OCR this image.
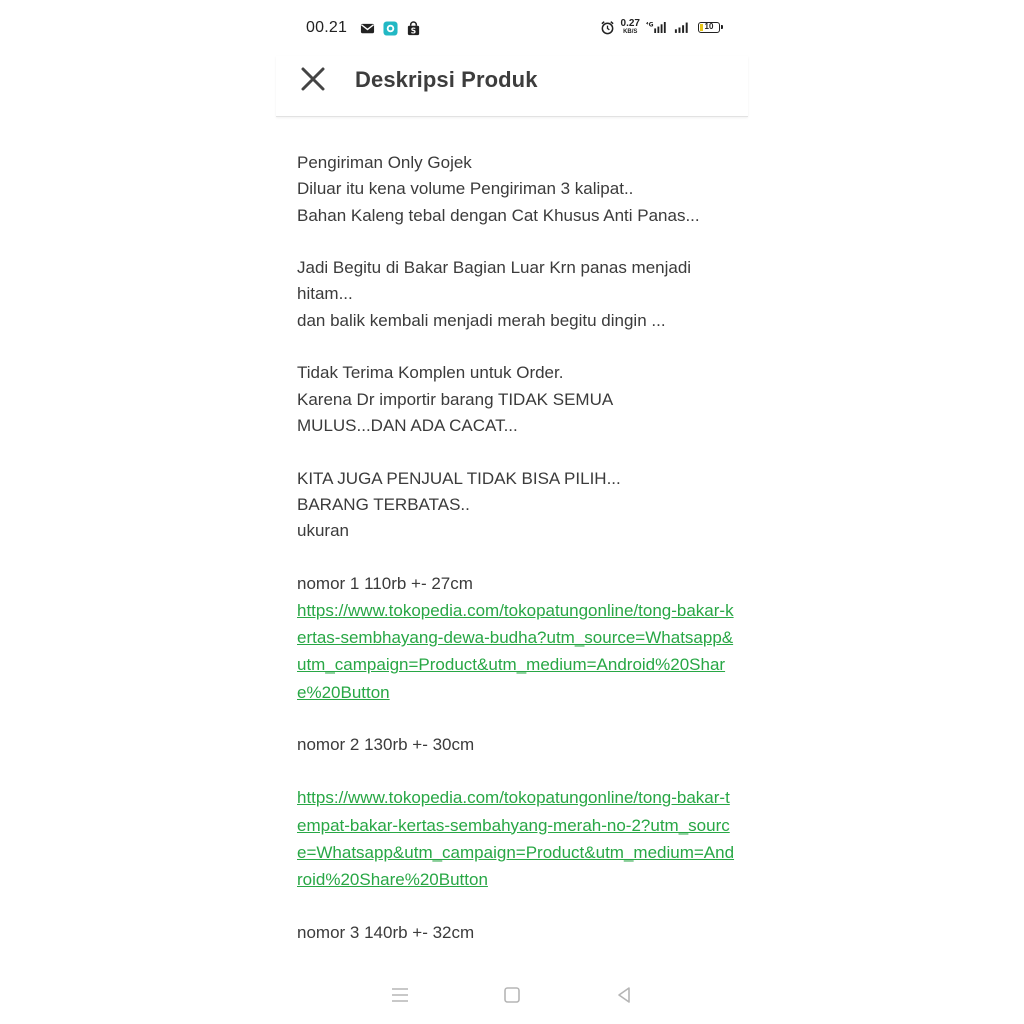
00.21	S
0.27
KB/S
⁴G	10
Deskripsi Produk

Pengiriman Only Gojek

Diluar itu kena volume Pengiriman 3 kalipat..

Bahan Kaleng tebal dengan Cat Khusus Anti Panas...

Jadi Begitu di Bakar Bagian Luar Krn panas menjadi hitam...

dan balik kembali menjadi merah begitu dingin ...

Tidak Terima Komplen untuk Order.

Karena Dr importir barang TIDAK SEMUA MULUS...DAN ADA CACAT...

KITA JUGA PENJUAL TIDAK BISA PILIH...

BARANG TERBATAS..

ukuran

nomor 1 110rb +- 27cm

https://www.tokopedia.com/tokopatungonline/tong-bakar-kertas-sembhayang-dewa-budha?utm_source=Whatsapp&utm_campaign=Product&utm_medium=Android%20Share%20Button

nomor 2 130rb +- 30cm

https://www.tokopedia.com/tokopatungonline/tong-bakar-tempat-bakar-kertas-sembahyang-merah-no-2?utm_source=Whatsapp&utm_campaign=Product&utm_medium=Android%20Share%20Button

nomor 3 140rb +- 32cm
